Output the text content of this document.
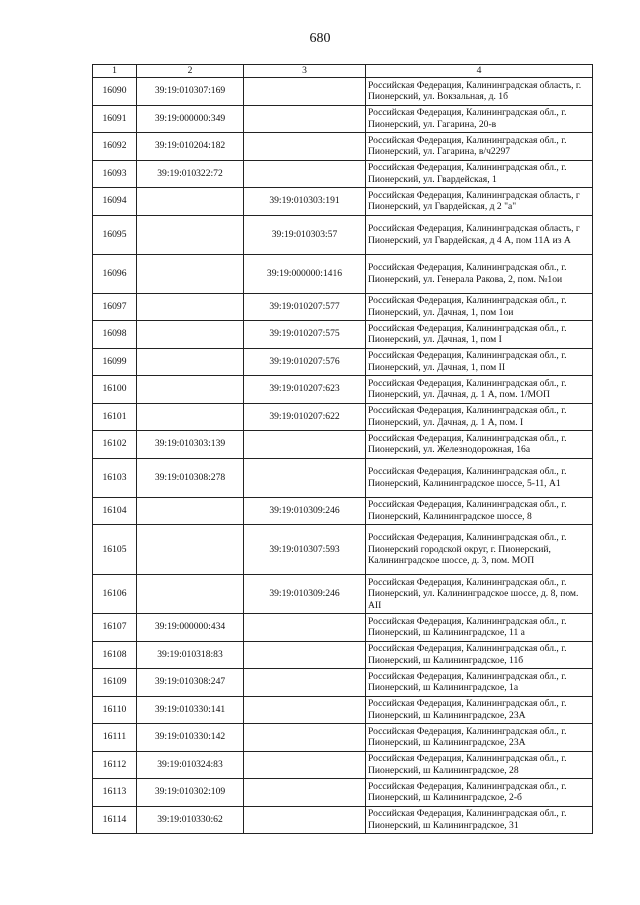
680
1	2	3	4
16090	39:19:010307:169		Российская Федерация, Калининградская область, г. Пионерский, ул. Вокзальная, д. 1б
16091	39:19:000000:349		Российская Федерация, Калининградская обл., г. Пионерский, ул. Гагарина, 20-в
16092	39:19:010204:182		Российская Федерация, Калининградская обл., г. Пионерский, ул. Гагарина, в/ч2297
16093	39:19:010322:72		Российская Федерация, Калининградская обл., г. Пионерский, ул. Гвардейская, 1
16094		39:19:010303:191	Российская Федерация, Калининградская область, г Пионерский, ул Гвардейская, д 2 "а"
16095		39:19:010303:57	Российская Федерация, Калининградская область, г Пионерский, ул Гвардейская, д 4 А, пом 11А из А
16096		39:19:000000:1416	Российская Федерация, Калининградская обл., г. Пионерский, ул. Генерала Ракова, 2, пом. №1ои
16097		39:19:010207:577	Российская Федерация, Калининградская обл., г. Пионерский, ул. Дачная, 1, пом 1ои
16098		39:19:010207:575	Российская Федерация, Калининградская обл., г. Пионерский, ул. Дачная, 1, пом I
16099		39:19:010207:576	Российская Федерация, Калининградская обл., г. Пионерский, ул. Дачная, 1, пом II
16100		39:19:010207:623	Российская Федерация, Калининградская обл., г. Пионерский, ул. Дачная, д. 1 А, пом. 1/МОП
16101		39:19:010207:622	Российская Федерация, Калининградская обл., г. Пионерский, ул. Дачная, д. 1 А, пом. I
16102	39:19:010303:139		Российская Федерация, Калининградская обл., г. Пионерский, ул. Железнодорожная, 16а
16103	39:19:010308:278		Российская Федерация, Калининградская обл., г. Пионерский, Калининградское шоссе, 5-11, А1
16104		39:19:010309:246	Российская Федерация, Калининградская обл., г. Пионерский, Калининградское шоссе, 8
16105		39:19:010307:593	Российская Федерация, Калининградская обл., г. Пионерский городской округ, г. Пионерский, Калининградское шоссе, д. 3, пом. МОП
16106		39:19:010309:246	Российская Федерация, Калининградская обл., г. Пионерский, ул. Калининградское шоссе, д. 8, пом. АII
16107	39:19:000000:434		Российская Федерация, Калининградская обл., г. Пионерский, ш Калининградское, 11 а
16108	39:19:010318:83		Российская Федерация, Калининградская обл., г. Пионерский, ш Калининградское, 11б
16109	39:19:010308:247		Российская Федерация, Калининградская обл., г. Пионерский, ш Калининградское, 1а
16110	39:19:010330:141		Российская Федерация, Калининградская обл., г. Пионерский, ш Калининградское, 23А
16111	39:19:010330:142		Российская Федерация, Калининградская обл., г. Пионерский, ш Калининградское, 23А
16112	39:19:010324:83		Российская Федерация, Калининградская обл., г. Пионерский, ш Калининградское, 28
16113	39:19:010302:109		Российская Федерация, Калининградская обл., г. Пионерский, ш Калининградское, 2-б
16114	39:19:010330:62		Российская Федерация, Калининградская обл., г. Пионерский, ш Калининградское, 31
